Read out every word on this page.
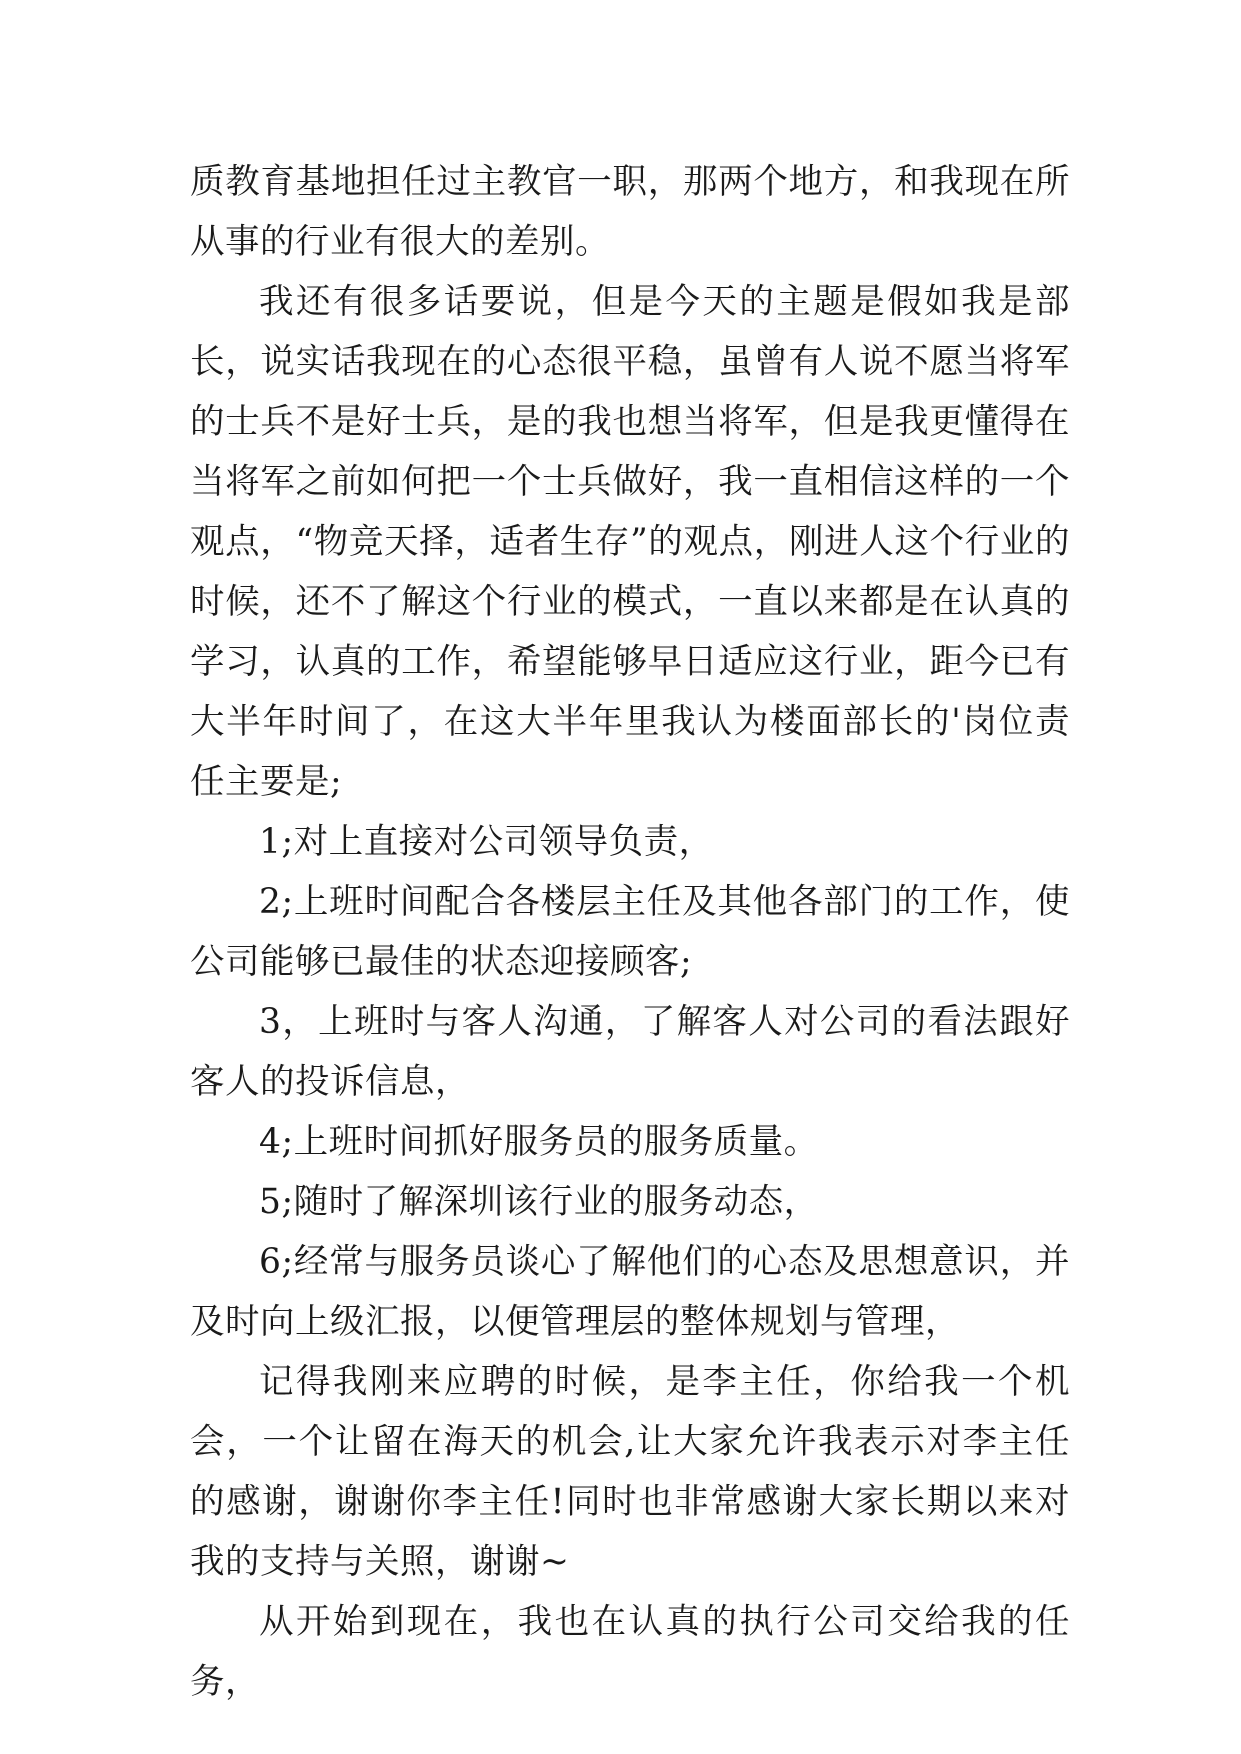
质教育基地担任过主教官一职，那两个地方，和我现在所从事的行业有很大的差别。

我还有很多话要说，但是今天的主题是假如我是部长，说实话我现在的心态很平稳，虽曾有人说不愿当将军的士兵不是好士兵，是的我也想当将军，但是我更懂得在当将军之前如何把一个士兵做好，我一直相信这样的一个观点，“物竞天择，适者生存”的观点，刚进人这个行业的时候，还不了解这个行业的模式，一直以来都是在认真的学习，认真的工作，希望能够早日适应这行业，距今已有大半年时间了，在这大半年里我认为楼面部长的'岗位责任主要是;

1;对上直接对公司领导负责，

2;上班时间配合各楼层主任及其他各部门的工作，使公司能够已最佳的状态迎接顾客;

3，上班时与客人沟通，了解客人对公司的看法跟好客人的投诉信息，

4;上班时间抓好服务员的服务质量。

5;随时了解深圳该行业的服务动态，

6;经常与服务员谈心了解他们的心态及思想意识，并及时向上级汇报，以便管理层的整体规划与管理，

记得我刚来应聘的时候，是李主任，你给我一个机会，一个让留在海天的机会,让大家允许我表示对李主任的感谢，谢谢你李主任!同时也非常感谢大家长期以来对我的支持与关照，谢谢~

从开始到现在，我也在认真的执行公司交给我的任务，
